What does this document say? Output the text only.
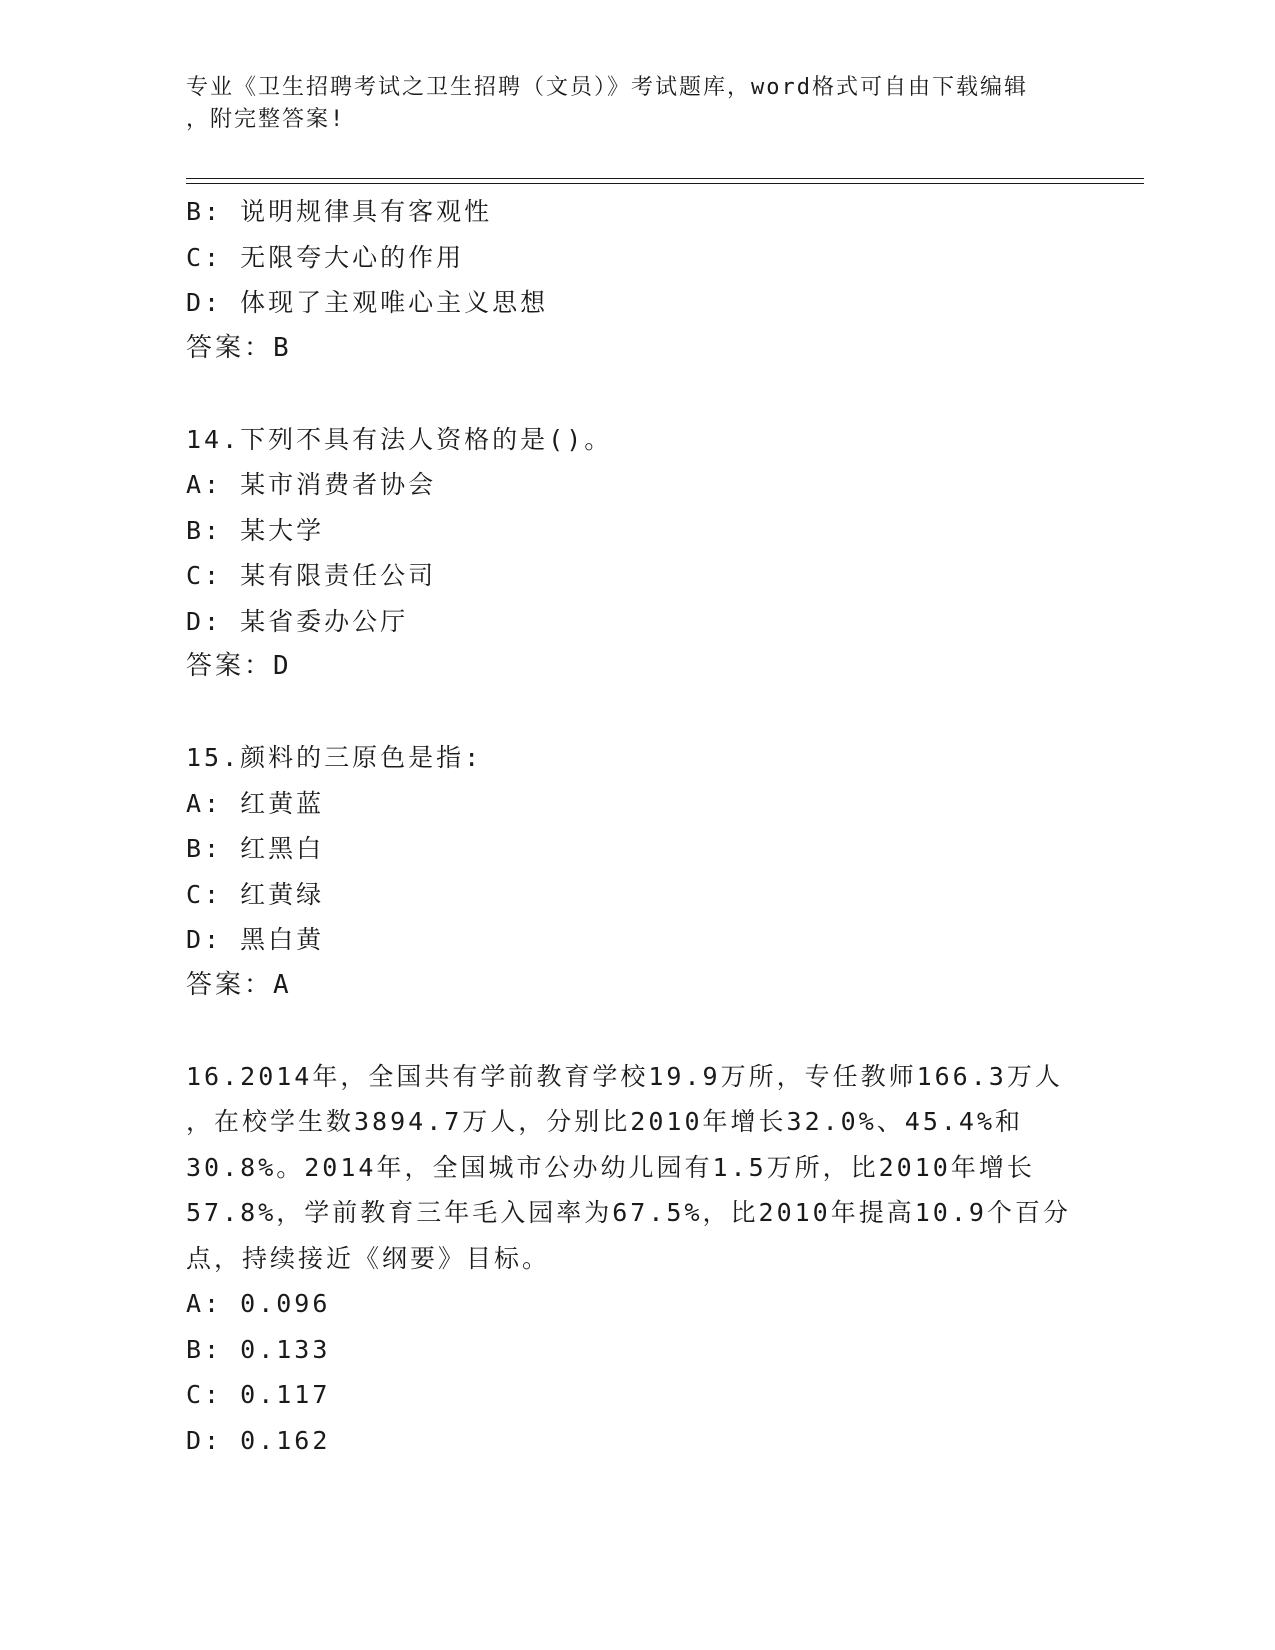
专业《卫生招聘考试之卫生招聘（文员）》考试题库，word格式可自由下载编辑
，附完整答案!
B: 说明规律具有客观性
C: 无限夸大心的作用
D: 体现了主观唯心主义思想
答案：B
14.下列不具有法人资格的是()。
A: 某市消费者协会
B: 某大学
C: 某有限责任公司
D: 某省委办公厅
答案：D
15.颜料的三原色是指:
A: 红黄蓝
B: 红黑白
C: 红黄绿
D: 黑白黄
答案：A
16.2014年，全国共有学前教育学校19.9万所，专任教师166.3万人
，在校学生数3894.7万人，分别比2010年增长32.0%、45.4%和
30.8%。2014年，全国城市公办幼儿园有1.5万所，比2010年增长
57.8%，学前教育三年毛入园率为67.5%，比2010年提高10.9个百分
点，持续接近《纲要》目标。
A: 0.096
B: 0.133
C: 0.117
D: 0.162
